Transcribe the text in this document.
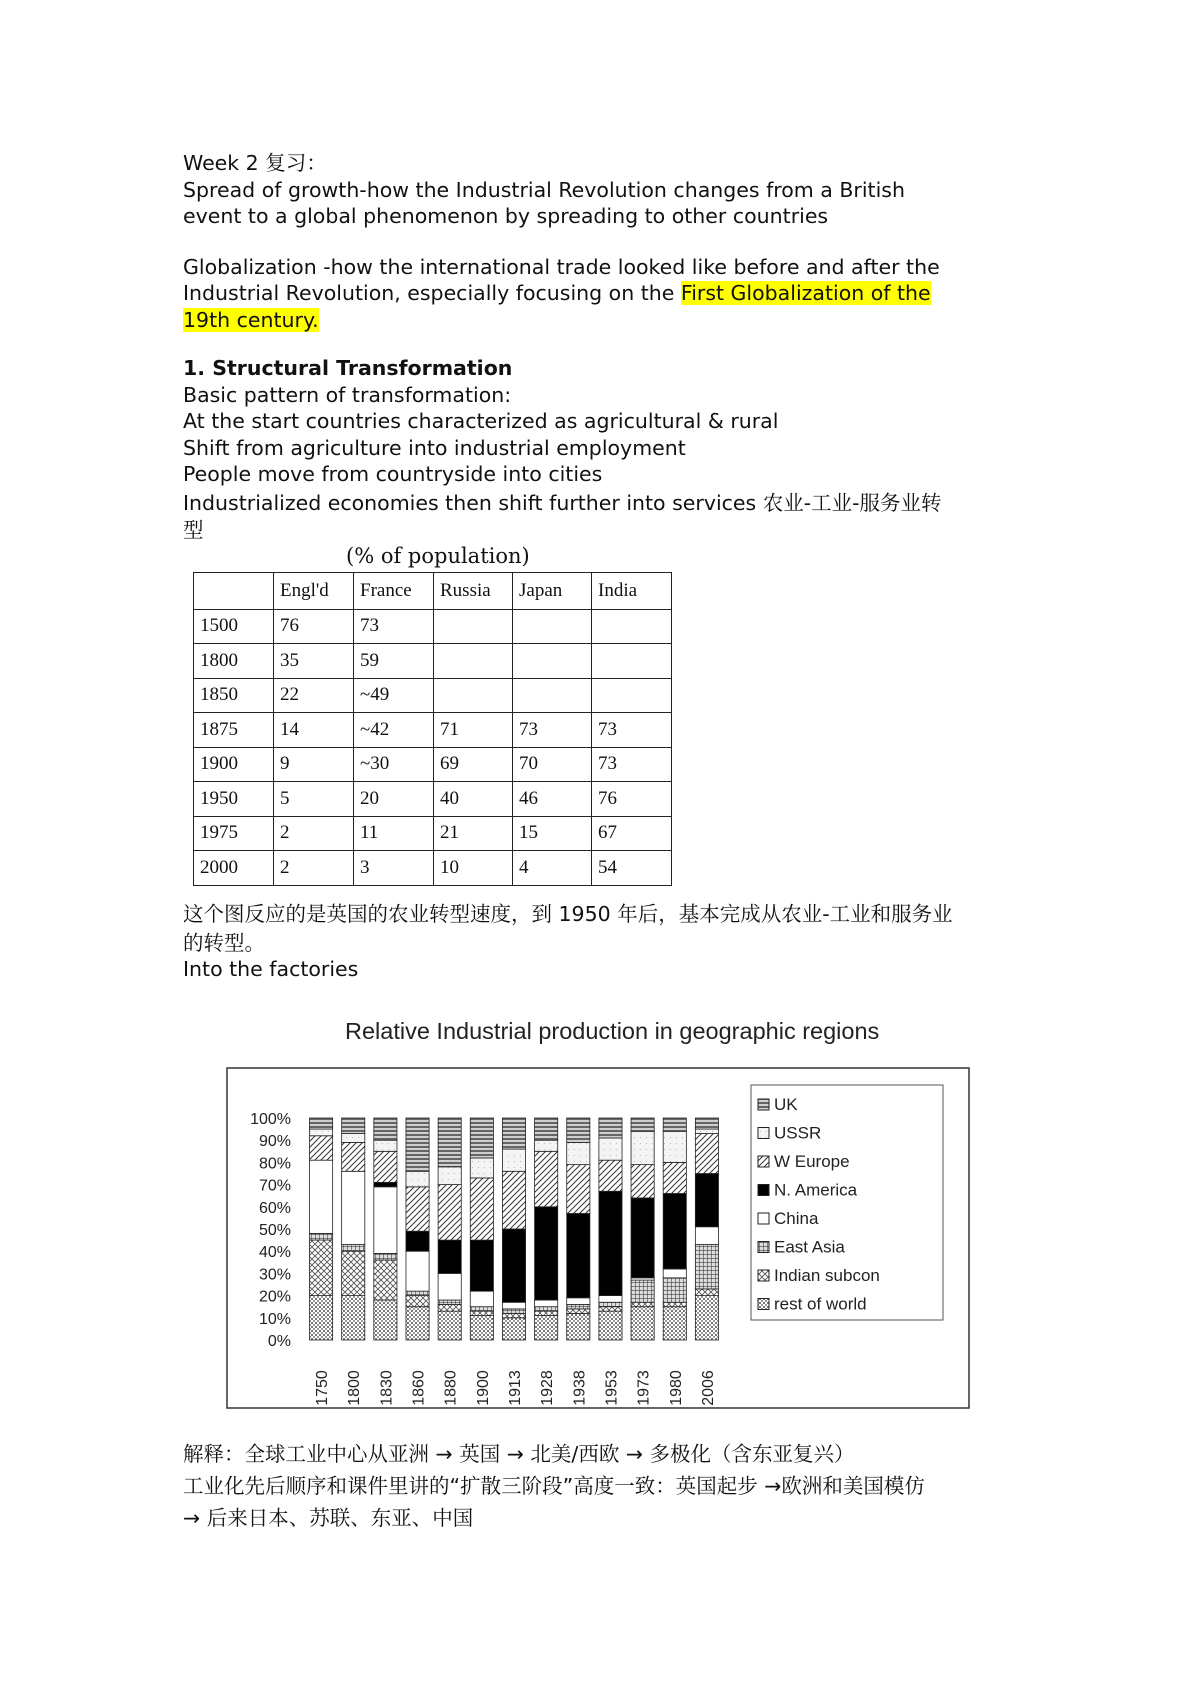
Week 2 复习：
Spread of growth-how the Industrial Revolution changes from a British
event to a global phenomenon by spreading to other countries
Globalization -how the international trade looked like before and after the
Industrial Revolution, especially focusing on the First Globalization of the
19th century.
1. Structural Transformation
Basic pattern of transformation:
At the start countries characterized as agricultural & rural
Shift from agriculture into industrial employment
People move from countryside into cities
Industrialized economies then shift further into services 农业-工业-服务业转
型
(% of population)
	Engl'd	France	Russia	Japan	India
1500	76	73			
1800	35	59			
1850	22	~49			
1875	14	~42	71	73	73
1900	9	~30	69	70	73
1950	5	20	40	46	76
1975	2	11	21	15	67
2000	2	3	10	4	54
这个图反应的是英国的农业转型速度，到 1950 年后，基本完成从农业-工业和服务业
的转型。
Into the factories
Relative Industrial production in geographic regions
0%
10%
20%
30%
40%
50%
60%
70%
80%
90%
100%
1750 1800 1830 1860 1880 1900 1913 1928 1938 1953 1973 1980 2006
UK
USSR
W Europe
N. America
China
East Asia
Indian subcon
rest of world
解释：全球工业中心从亚洲 → 英国 → 北美/西欧 → 多极化（含东亚复兴）
工业化先后顺序和课件里讲的“扩散三阶段”高度一致：英国起步 →欧洲和美国模仿
→ 后来日本、苏联、东亚、中国
